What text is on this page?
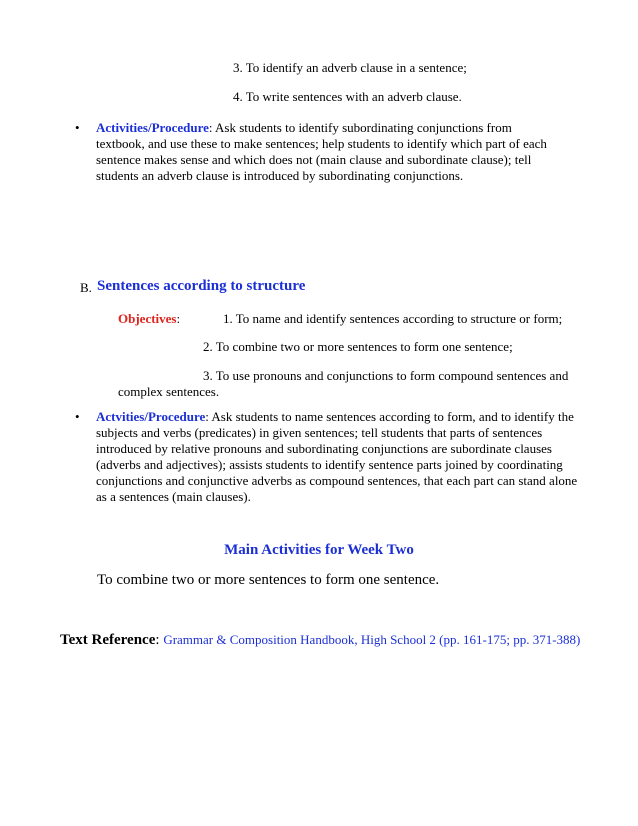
3. To identify an adverb clause in a sentence;
4. To write sentences with an adverb clause.
• Activities/Procedure: Ask students to identify subordinating conjunctions from textbook, and use these to make sentences; help students to identify which part of each sentence makes sense and which does not (main clause and subordinate clause); tell students an adverb clause is introduced by subordinating conjunctions.
B. Sentences according to structure
Objectives:	1. To name and identify sentences according to structure or form;
2. To combine two or more sentences to form one sentence;
3. To use pronouns and conjunctions to form compound sentences and
complex sentences.
• Actvities/Procedure: Ask students to name sentences according to form, and to identify the subjects and verbs (predicates) in given sentences; tell students that parts of sentences introduced by relative pronouns and subordinating conjunctions are subordinate clauses (adverbs and adjectives); assists students to identify sentence parts joined by coordinating conjunctions and conjunctive adverbs as compound sentences, that each part can stand alone as a sentences (main clauses).
Main Activities for Week Two
To combine two or more sentences to form one sentence.
Text Reference: Grammar & Composition Handbook, High School 2 (pp. 161-175; pp. 371-388)
